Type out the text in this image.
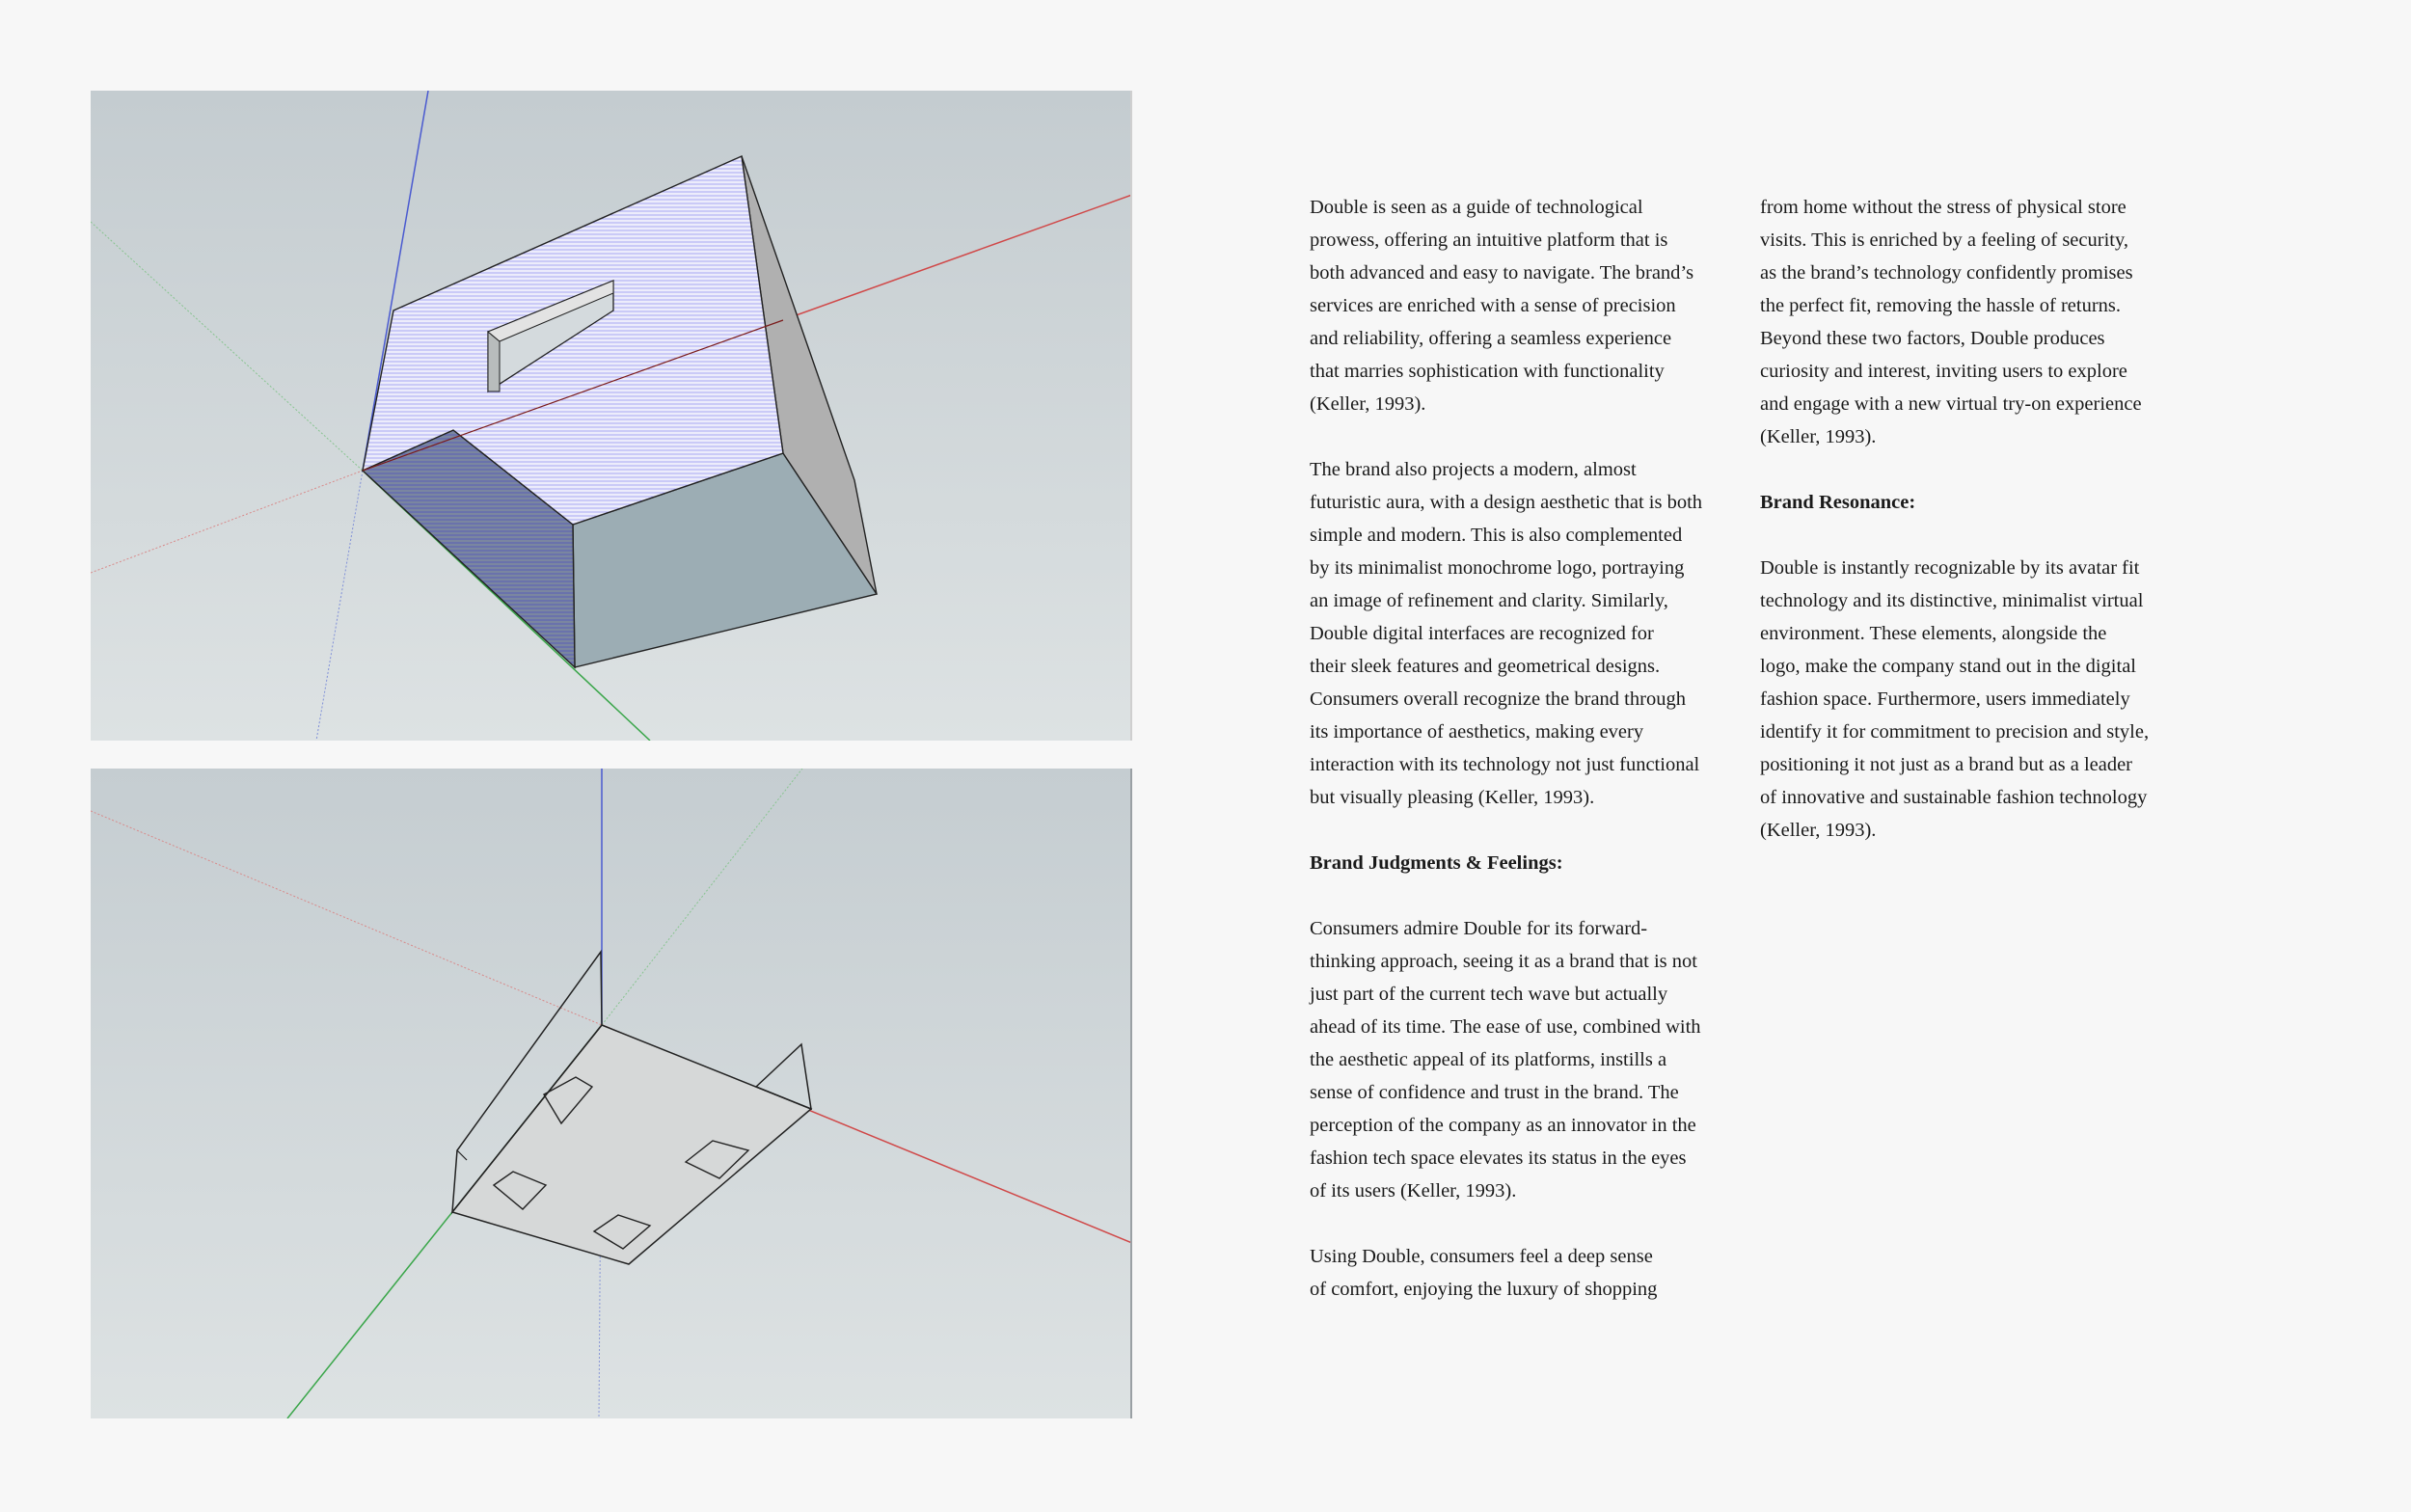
Double is seen as a guide of technological
prowess, offering an intuitive platform that is
both advanced and easy to navigate. The brand’s
services are enriched with a sense of precision
and reliability, offering a seamless experience
that marries sophistication with functionality
(Keller, 1993).

The brand also projects a modern, almost
futuristic aura, with a design aesthetic that is both
simple and modern. This is also complemented
by its minimalist monochrome logo, portraying
an image of refinement and clarity. Similarly,
Double digital interfaces are recognized for
their sleek features and geometrical designs.
Consumers overall recognize the brand through
its importance of aesthetics, making every
interaction with its technology not just functional
but visually pleasing (Keller, 1993).

Brand Judgments & Feelings:

Consumers admire Double for its forward-
thinking approach, seeing it as a brand that is not
just part of the current tech wave but actually
ahead of its time. The ease of use, combined with
the aesthetic appeal of its platforms, instills a
sense of confidence and trust in the brand. The
perception of the company as an innovator in the
fashion tech space elevates its status in the eyes
of its users (Keller, 1993).

Using Double, consumers feel a deep sense
of comfort, enjoying the luxury of shopping

from home without the stress of physical store
visits. This is enriched by a feeling of security,
as the brand’s technology confidently promises
the perfect fit, removing the hassle of returns.
Beyond these two factors, Double produces
curiosity and interest, inviting users to explore
and engage with a new virtual try-on experience
(Keller, 1993).

Brand Resonance:

Double is instantly recognizable by its avatar fit
technology and its distinctive, minimalist virtual
environment. These elements, alongside the
logo, make the company stand out in the digital
fashion space. Furthermore, users immediately
identify it for commitment to precision and style,
positioning it not just as a brand but as a leader
of innovative and sustainable fashion technology
(Keller, 1993).
